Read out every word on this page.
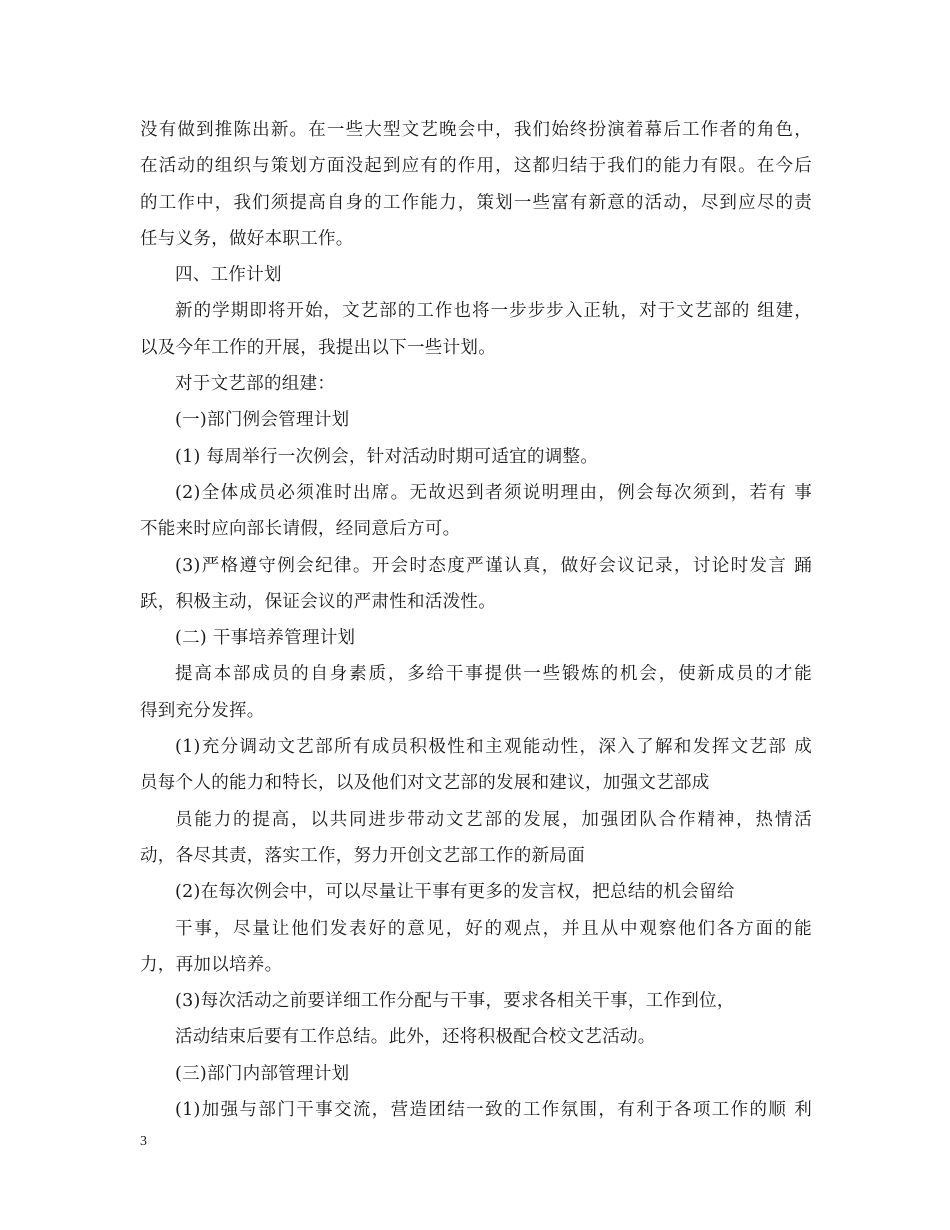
没有做到推陈出新。在一些大型文艺晚会中，我们始终扮演着幕后工作者的角色，
在活动的组织与策划方面没起到应有的作用，这都归结于我们的能力有限。在今后
的工作中，我们须提高自身的工作能力，策划一些富有新意的活动，尽到应尽的责
任与义务，做好本职工作。
四、工作计划
新的学期即将开始，文艺部的工作也将一步步步入正轨，对于文艺部的 组建，
以及今年工作的开展，我提出以下一些计划。
对于文艺部的组建：
(一)部门例会管理计划
(1) 每周举行一次例会，针对活动时期可适宜的调整。
(2)全体成员必须准时出席。无故迟到者须说明理由，例会每次须到，若有 事
不能来时应向部长请假，经同意后方可。
(3)严格遵守例会纪律。开会时态度严谨认真，做好会议记录，讨论时发言 踊
跃，积极主动，保证会议的严肃性和活泼性。
(二) 干事培养管理计划
提高本部成员的自身素质，多给干事提供一些锻炼的机会，使新成员的才能
得到充分发挥。
(1)充分调动文艺部所有成员积极性和主观能动性，深入了解和发挥文艺部 成
员每个人的能力和特长，以及他们对文艺部的发展和建议，加强文艺部成
员能力的提高，以共同进步带动文艺部的发展，加强团队合作精神，热情活
动，各尽其责，落实工作，努力开创文艺部工作的新局面
(2)在每次例会中，可以尽量让干事有更多的发言权，把总结的机会留给
干事，尽量让他们发表好的意见，好的观点，并且从中观察他们各方面的能
力，再加以培养。
(3)每次活动之前要详细工作分配与干事，要求各相关干事，工作到位，
活动结束后要有工作总结。此外，还将积极配合校文艺活动。
(三)部门内部管理计划
(1)加强与部门干事交流，营造团结一致的工作氛围，有利于各项工作的顺 利
3
